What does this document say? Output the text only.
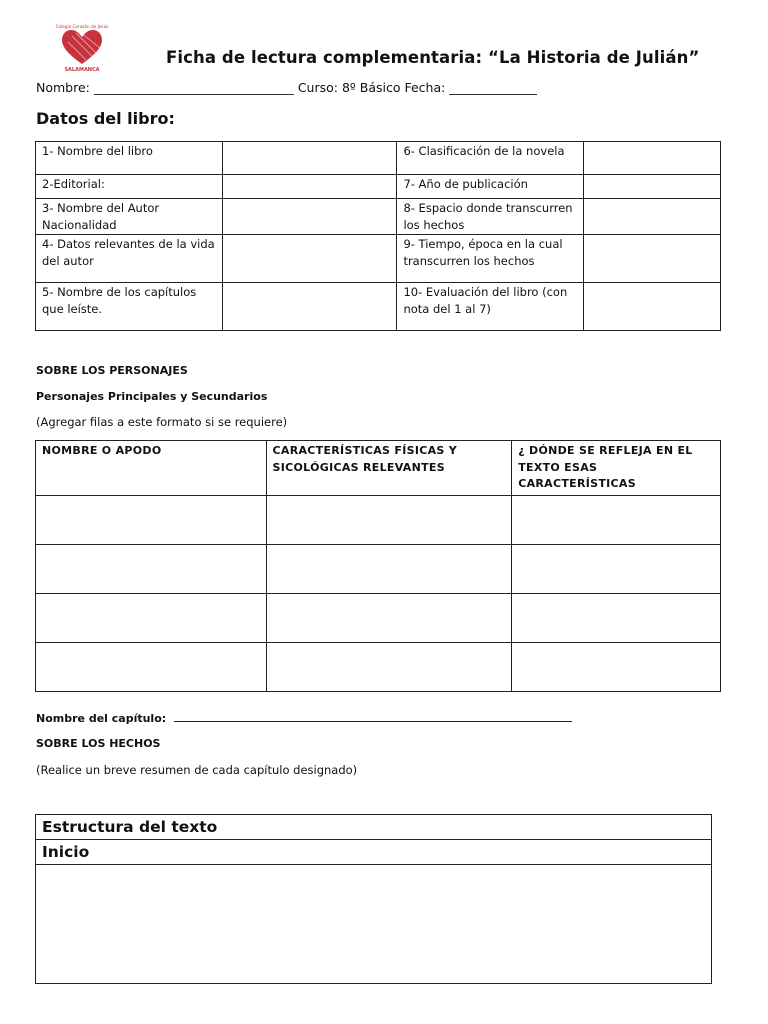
Colegio Corazón de Jesús
SALAMANCA
Ficha de lectura complementaria: “La Historia de Julián”
Nombre: ________________________________ Curso: 8º Básico Fecha: ______________
Datos del libro:
1- Nombre del libro		6- Clasificación de la novela	
2-Editorial:		7- Año de publicación	
3- Nombre del Autor Nacionalidad		8- Espacio donde transcurren los hechos	
4- Datos relevantes de la vida del autor		9- Tiempo, época en la cual transcurren los hechos	
5- Nombre de los capítulos que leíste.		10- Evaluación del libro (con nota del 1 al 7)	
SOBRE LOS PERSONAJES
Personajes Principales y Secundarios
(Agregar filas a este formato si se requiere)
NOMBRE O APODO	CARACTERÍSTICAS FÍSICAS Y SICOLÓGICAS RELEVANTES	¿ DÓNDE SE REFLEJA EN EL TEXTO ESAS CARACTERÍSTICAS

Nombre del capítulo:
SOBRE LOS HECHOS
(Realice un breve resumen de cada capítulo designado)
Estructura del texto
Inicio
